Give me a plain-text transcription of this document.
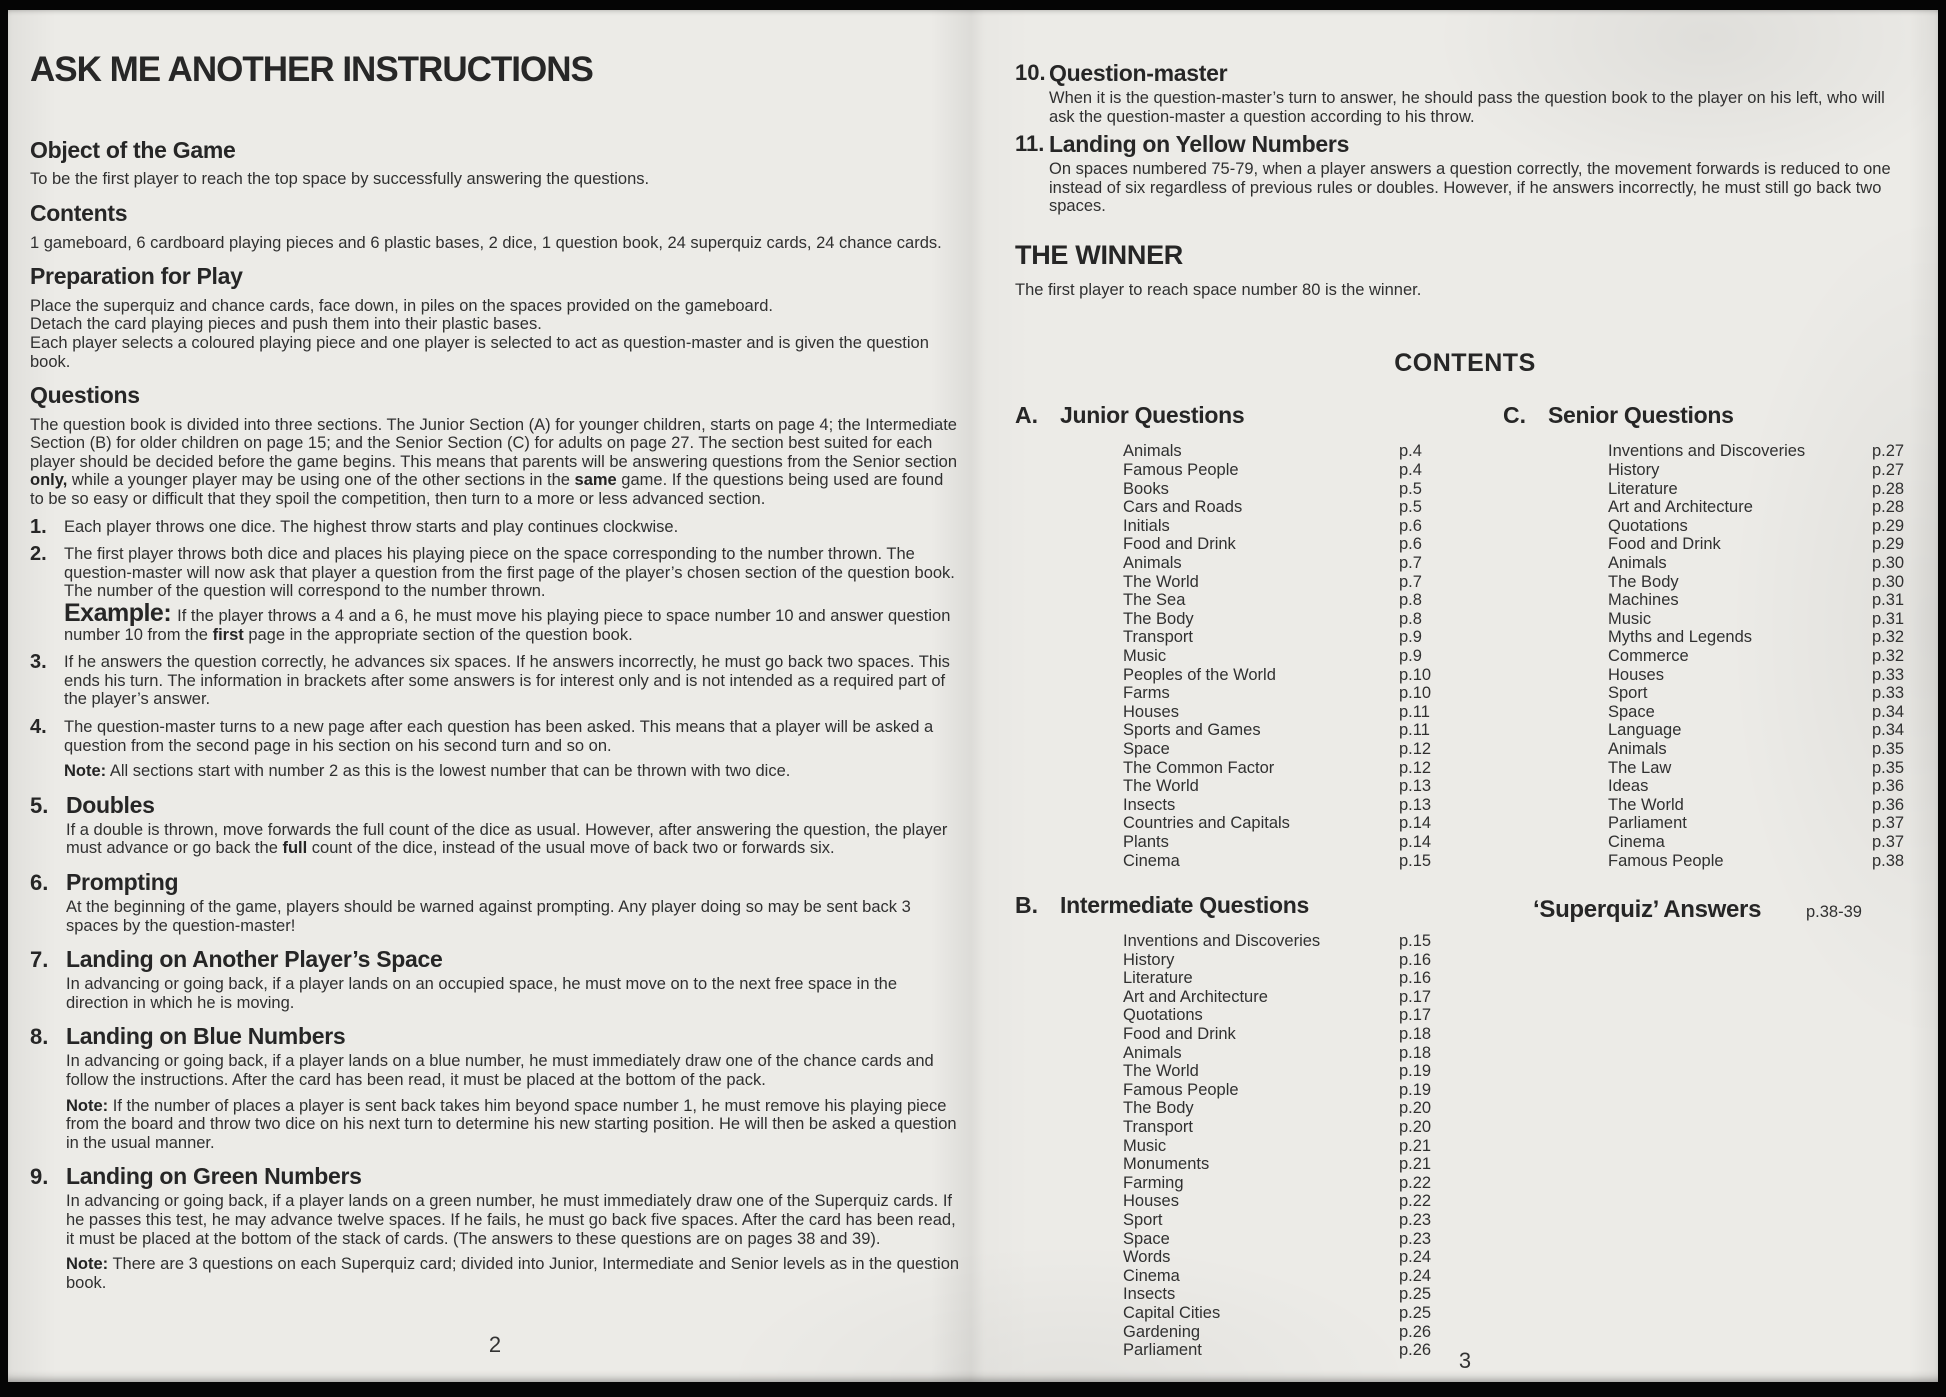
ASK ME ANOTHER INSTRUCTIONS
Object of the Game
To be the first player to reach the top space by successfully answering the questions.
Contents
1 gameboard, 6 cardboard playing pieces and 6 plastic bases, 2 dice, 1 question book, 24 superquiz cards, 24 chance cards.
Preparation for Play
Place the superquiz and chance cards, face down, in piles on the spaces provided on the gameboard.
Detach the card playing pieces and push them into their plastic bases.
Each player selects a coloured playing piece and one player is selected to act as question-master and is given the question book.
Questions
The question book is divided into three sections. The Junior Section (A) for younger children, starts on page 4; the Intermediate Section (B) for older children on page 15; and the Senior Section (C) for adults on page 27. The section best suited for each player should be decided before the game begins. This means that parents will be answering questions from the Senior section only, while a younger player may be using one of the other sections in the same game. If the questions being used are found to be so easy or difficult that they spoil the competition, then turn to a more or less advanced section.
1.	Each player throws one dice. The highest throw starts and play continues clockwise.
2.	The first player throws both dice and places his playing piece on the space corresponding to the number thrown. The question-master will now ask that player a question from the first page of the player’s chosen section of the question book. The number of the question will correspond to the number thrown.
Example: If the player throws a 4 and a 6, he must move his playing piece to space number 10 and answer question number 10 from the first page in the appropriate section of the question book.
3.	If he answers the question correctly, he advances six spaces. If he answers incorrectly, he must go back two spaces. This ends his turn. The information in brackets after some answers is for interest only and is not intended as a required part of the player’s answer.
4.	The question-master turns to a new page after each question has been asked. This means that a player will be asked a question from the second page in his section on his second turn and so on.
Note: All sections start with number 2 as this is the lowest number that can be thrown with two dice.
5. Doubles
If a double is thrown, move forwards the full count of the dice as usual. However, after answering the question, the player must advance or go back the full count of the dice, instead of the usual move of back two or forwards six.
6. Prompting
At the beginning of the game, players should be warned against prompting. Any player doing so may be sent back 3 spaces by the question-master!
7. Landing on Another Player’s Space
In advancing or going back, if a player lands on an occupied space, he must move on to the next free space in the direction in which he is moving.
8. Landing on Blue Numbers
In advancing or going back, if a player lands on a blue number, he must immediately draw one of the chance cards and follow the instructions. After the card has been read, it must be placed at the bottom of the pack.
Note: If the number of places a player is sent back takes him beyond space number 1, he must remove his playing piece from the board and throw two dice on his next turn to determine his new starting position. He will then be asked a question in the usual manner.
9. Landing on Green Numbers
In advancing or going back, if a player lands on a green number, he must immediately draw one of the Superquiz cards. If he passes this test, he may advance twelve spaces. If he fails, he must go back five spaces. After the card has been read, it must be placed at the bottom of the stack of cards. (The answers to these questions are on pages 38 and 39).
Note: There are 3 questions on each Superquiz card; divided into Junior, Intermediate and Senior levels as in the question book.
2
10. Question-master
When it is the question-master’s turn to answer, he should pass the question book to the player on his left, who will ask the question-master a question according to his throw.
11. Landing on Yellow Numbers
On spaces numbered 75-79, when a player answers a question correctly, the movement forwards is reduced to one instead of six regardless of previous rules or doubles. However, if he answers incorrectly, he must still go back two spaces.
THE WINNER
The first player to reach space number 80 is the winner.
CONTENTS
A. Junior Questions
Animals	p.4
Famous People	p.4
Books	p.5
Cars and Roads	p.5
Initials	p.6
Food and Drink	p.6
Animals	p.7
The World	p.7
The Sea	p.8
The Body	p.8
Transport	p.9
Music	p.9
Peoples of the World	p.10
Farms	p.10
Houses	p.11
Sports and Games	p.11
Space	p.12
The Common Factor	p.12
The World	p.13
Insects	p.13
Countries and Capitals	p.14
Plants	p.14
Cinema	p.15
B. Intermediate Questions
Inventions and Discoveries	p.15
History	p.16
Literature	p.16
Art and Architecture	p.17
Quotations	p.17
Food and Drink	p.18
Animals	p.18
The World	p.19
Famous People	p.19
The Body	p.20
Transport	p.20
Music	p.21
Monuments	p.21
Farming	p.22
Houses	p.22
Sport	p.23
Space	p.23
Words	p.24
Cinema	p.24
Insects	p.25
Capital Cities	p.25
Gardening	p.26
Parliament	p.26
C. Senior Questions
Inventions and Discoveries	p.27
History	p.27
Literature	p.28
Art and Architecture	p.28
Quotations	p.29
Food and Drink	p.29
Animals	p.30
The Body	p.30
Machines	p.31
Music	p.31
Myths and Legends	p.32
Commerce	p.32
Houses	p.33
Sport	p.33
Space	p.34
Language	p.34
Animals	p.35
The Law	p.35
Ideas	p.36
The World	p.36
Parliament	p.37
Cinema	p.37
Famous People	p.38
‘Superquiz’ Answers	p.38-39
3
